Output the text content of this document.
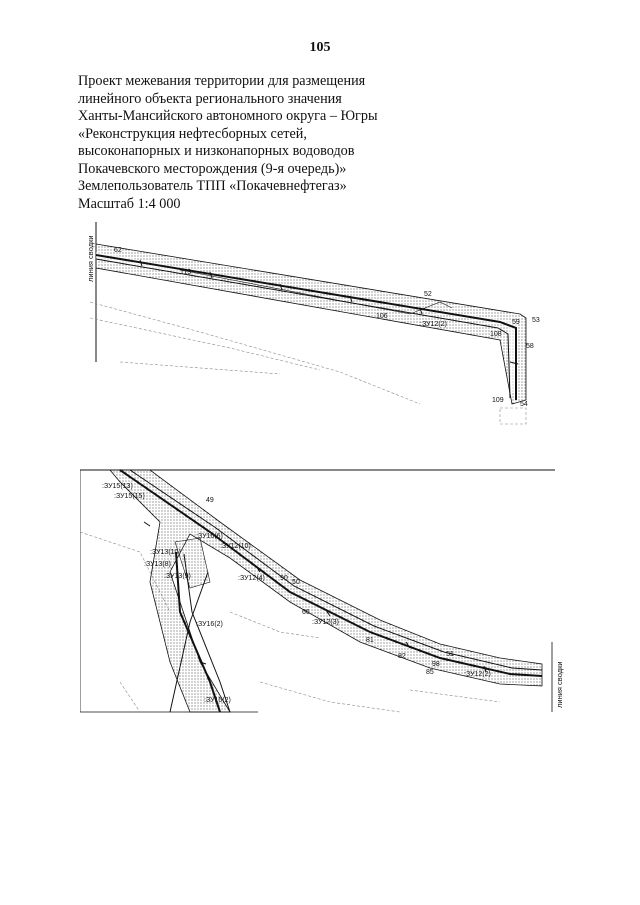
105
Проект межевания территории для размещения
линейного объекта регионального значения
Ханты-Мансийского автономного округа – Югры
«Реконструкция нефтесборных сетей,
высоконапорных и низконапорных водоводов
Покачевского месторождения (9-я очередь)»
Землепользователь ТПП «Покачевнефтегаз»
Масштаб 1:4 000
линия сводки	62
52
59 53
58
109
54
108
106
113
:ЗУ12(2)
линия сводки
49
50
90
51
98
66
81
82
85
:ЗУ15(13)
:ЗУ15(15)
:ЗУ13(10)
:ЗУ13(8)
:ЗУ13(9)
:ЗУ16(6)
:ЗУ16(2)
:ЗУ12(10)
:ЗУ12(4)
:ЗУ12(3)
:ЗУ12(2)
:ЗУ15(2)
